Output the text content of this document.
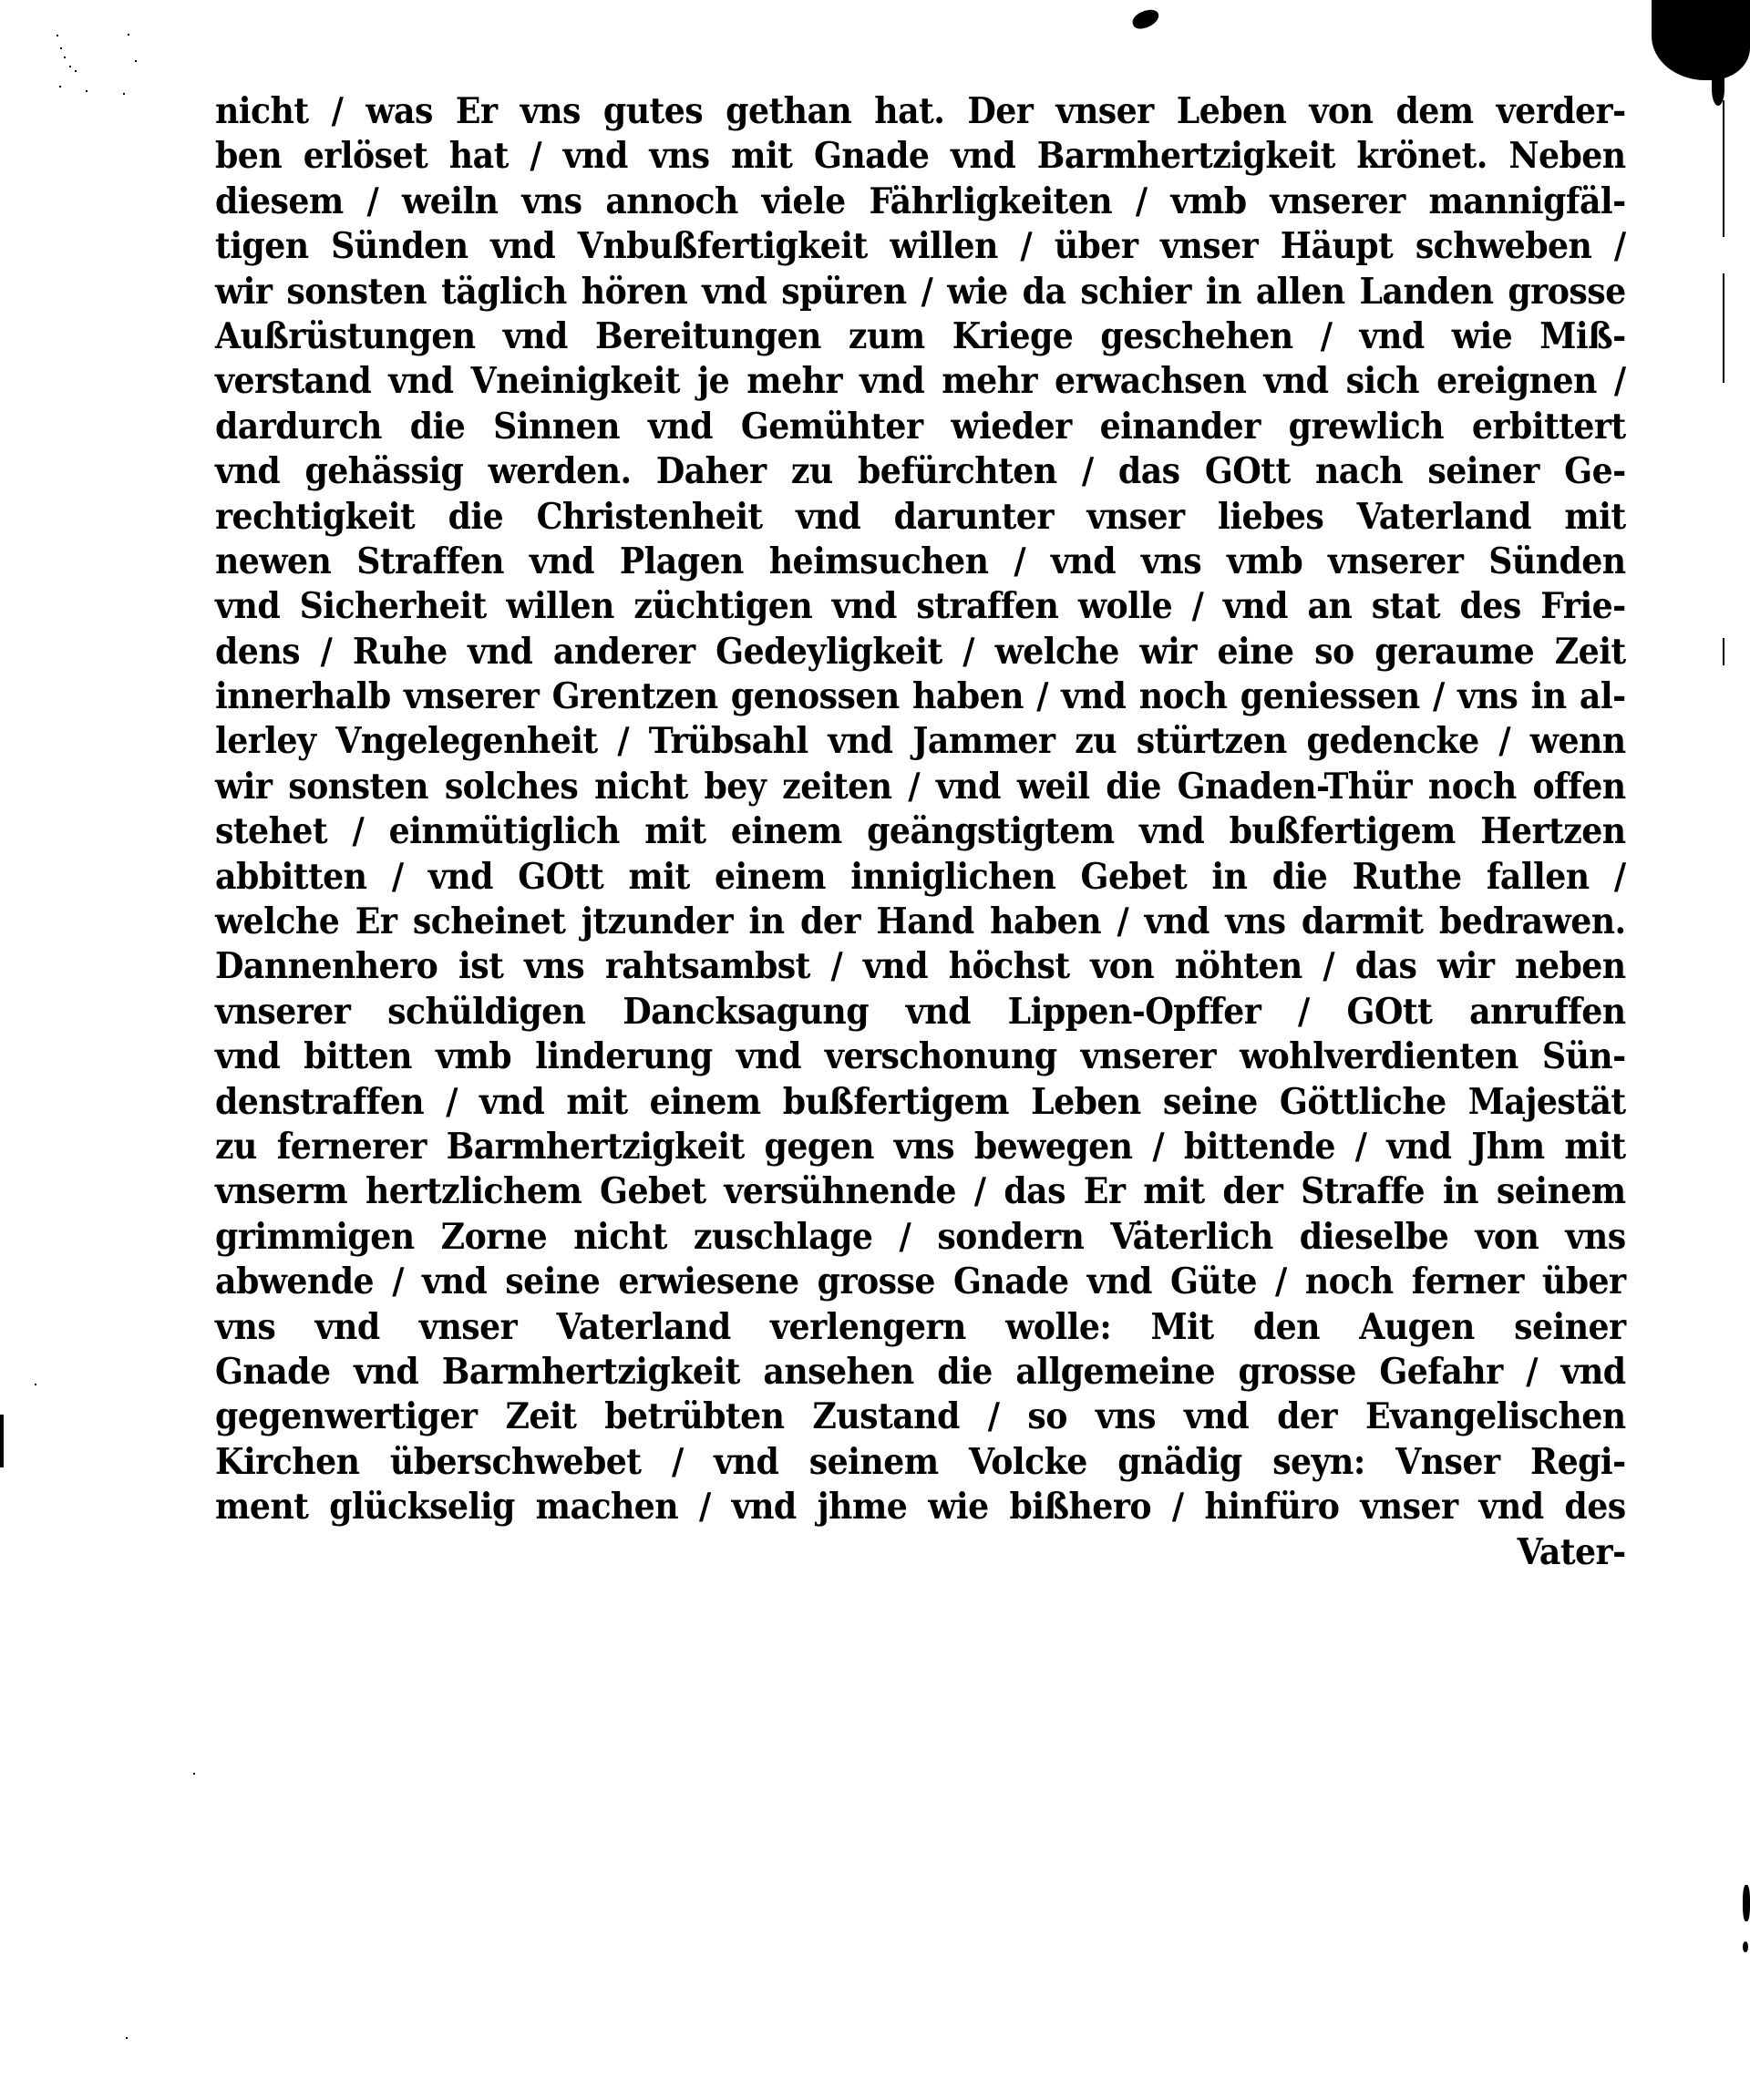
nicht / was Er vns gutes gethan hat. Der vnser Leben von dem verder-
ben erlöset hat / vnd vns mit Gnade vnd Barmhertzigkeit krönet. Neben
diesem / weiln vns annoch viele Fährligkeiten / vmb vnserer mannigfäl-
tigen Sünden vnd Vnbußfertigkeit willen / über vnser Häupt schweben /
wir sonsten täglich hören vnd spüren / wie da schier in allen Landen grosse
Außrüstungen vnd Bereitungen zum Kriege geschehen / vnd wie Miß-
verstand vnd Vneinigkeit je mehr vnd mehr erwachsen vnd sich ereignen /
dardurch die Sinnen vnd Gemühter wieder einander grewlich erbittert
vnd gehässig werden. Daher zu befürchten / das GOtt nach seiner Ge-
rechtigkeit die Christenheit vnd darunter vnser liebes Vaterland mit
newen Straffen vnd Plagen heimsuchen / vnd vns vmb vnserer Sünden
vnd Sicherheit willen züchtigen vnd straffen wolle / vnd an stat des Frie-
dens / Ruhe vnd anderer Gedeyligkeit / welche wir eine so geraume Zeit
innerhalb vnserer Grentzen genossen haben / vnd noch geniessen / vns in al-
lerley Vngelegenheit / Trübsahl vnd Jammer zu stürtzen gedencke / wenn
wir sonsten solches nicht bey zeiten / vnd weil die Gnaden-Thür noch offen
stehet / einmütiglich mit einem geängstigtem vnd bußfertigem Hertzen
abbitten / vnd GOtt mit einem inniglichen Gebet in die Ruthe fallen /
welche Er scheinet jtzunder in der Hand haben / vnd vns darmit bedrawen.
Dannenhero ist vns rahtsambst / vnd höchst von nöhten / das wir neben
vnserer schüldigen Dancksagung vnd Lippen-Opffer / GOtt anruffen
vnd bitten vmb linderung vnd verschonung vnserer wohlverdienten Sün-
denstraffen / vnd mit einem bußfertigem Leben seine Göttliche Majestät
zu fernerer Barmhertzigkeit gegen vns bewegen / bittende / vnd Jhm mit
vnserm hertzlichem Gebet versühnende / das Er mit der Straffe in seinem
grimmigen Zorne nicht zuschlage / sondern Väterlich dieselbe von vns
abwende / vnd seine erwiesene grosse Gnade vnd Güte / noch ferner über
vns vnd vnser Vaterland verlengern wolle: Mit den Augen seiner
Gnade vnd Barmhertzigkeit ansehen die allgemeine grosse Gefahr / vnd
gegenwertiger Zeit betrübten Zustand / so vns vnd der Evangelischen
Kirchen überschwebet / vnd seinem Volcke gnädig seyn: Vnser Regi-
ment glückselig machen / vnd jhme wie bißhero / hinfüro vnser vnd des
Vater-
